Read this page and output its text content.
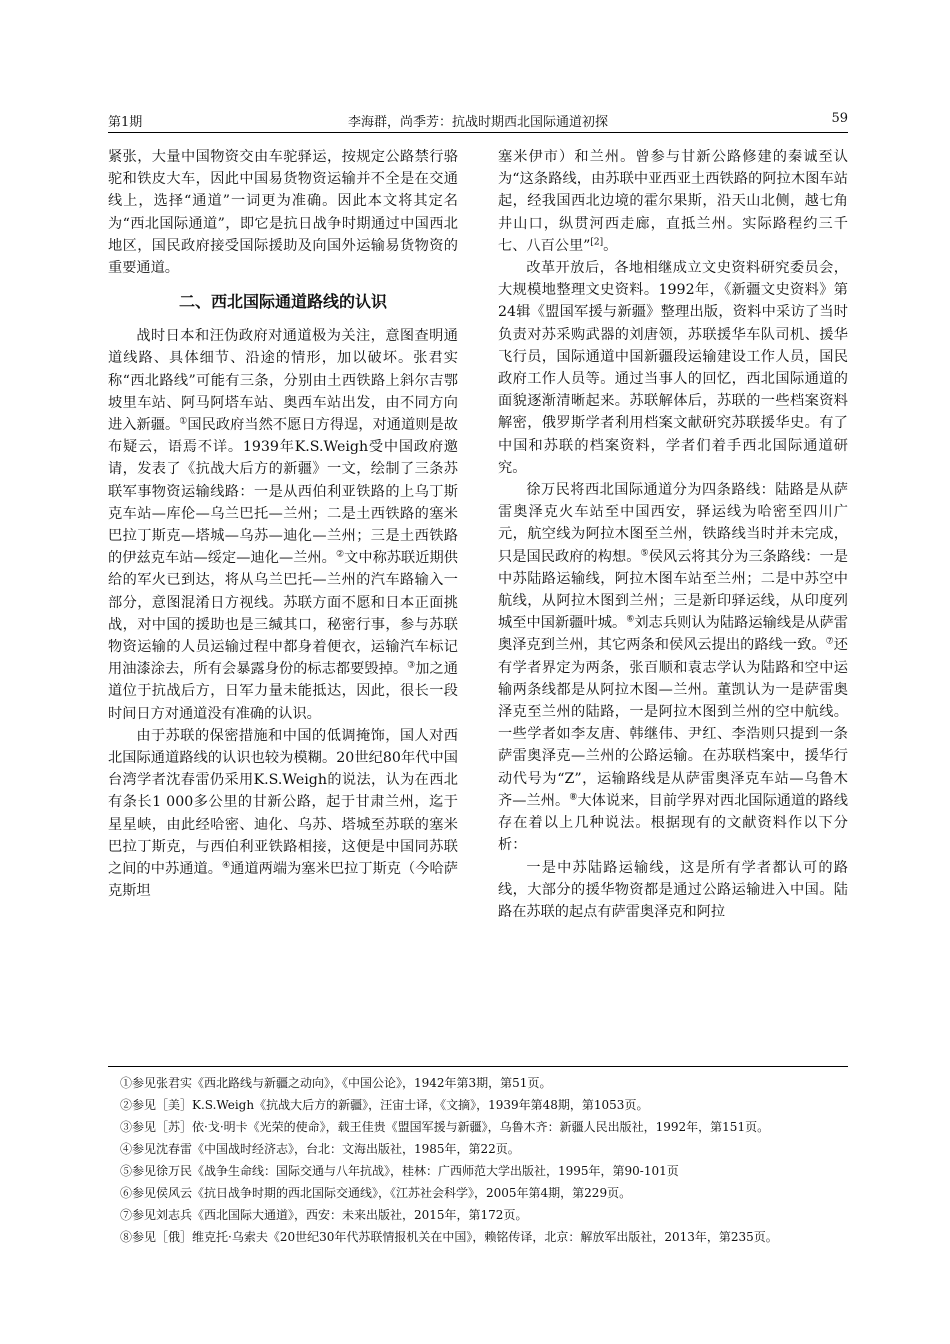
李海群，尚季芳：抗战时期西北国际通道初探
第1期	59

紧张，大量中国物资交由车驼驿运，按规定公路禁行骆驼和铁皮大车，因此中国易货物资运输并不全是在交通线上，选择“通道”一词更为准确。因此本文将其定名为“西北国际通道”，即它是抗日战争时期通过中国西北地区，国民政府接受国际援助及向国外运输易货物资的重要通道。

二、西北国际通道路线的认识

战时日本和汪伪政府对通道极为关注，意图查明通道线路、具体细节、沿途的情形，加以破坏。张君实称“西北路线”可能有三条，分别由土西铁路上斜尔吉鄂坡里车站、阿马阿塔车站、奥西车站出发，由不同方向进入新疆。①国民政府当然不愿日方得逞，对通道则是故布疑云，语焉不详。1939年K.S.Weigh受中国政府邀请，发表了《抗战大后方的新疆》一文，绘制了三条苏联军事物资运输线路：一是从西伯利亚铁路的上乌丁斯克车站—库伦—乌兰巴托—兰州；二是土西铁路的塞米巴拉丁斯克—塔城—乌苏—迪化—兰州；三是土西铁路的伊兹克车站—绥定—迪化—兰州。②文中称苏联近期供给的军火已到达，将从乌兰巴托—兰州的汽车路输入一部分，意图混淆日方视线。苏联方面不愿和日本正面挑战，对中国的援助也是三缄其口，秘密行事，参与苏联物资运输的人员运输过程中都身着便衣，运输汽车标记用油漆涂去，所有会暴露身份的标志都要毁掉。③加之通道位于抗战后方，日军力量未能抵达，因此，很长一段时间日方对通道没有准确的认识。

由于苏联的保密措施和中国的低调掩饰，国人对西北国际通道路线的认识也较为模糊。20世纪80年代中国台湾学者沈春雷仍采用K.S.Weigh的说法，认为在西北有条长1 000多公里的甘新公路，起于甘肃兰州，迄于星星峡，由此经哈密、迪化、乌苏、塔城至苏联的塞米巴拉丁斯克，与西伯利亚铁路相接，这便是中国同苏联之间的中苏通道。④通道两端为塞米巴拉丁斯克（今哈萨克斯坦

塞米伊市）和兰州。曾参与甘新公路修建的秦诚至认为“这条路线，由苏联中亚西亚土西铁路的阿拉木图车站起，经我国西北边境的霍尔果斯，沿天山北侧，越七角井山口，纵贯河西走廊，直抵兰州。实际路程约三千七、八百公里”[2]。

改革开放后，各地相继成立文史资料研究委员会，大规模地整理文史资料。1992年，《新疆文史资料》第24辑《盟国军援与新疆》整理出版，资料中采访了当时负责对苏采购武器的刘唐领，苏联援华车队司机、援华飞行员，国际通道中国新疆段运输建设工作人员，国民政府工作人员等。通过当事人的回忆，西北国际通道的面貌逐渐清晰起来。苏联解体后，苏联的一些档案资料解密，俄罗斯学者利用档案文献研究苏联援华史。有了中国和苏联的档案资料，学者们着手西北国际通道研究。

徐万民将西北国际通道分为四条路线：陆路是从萨雷奥泽克火车站至中国西安，驿运线为哈密至四川广元，航空线为阿拉木图至兰州，铁路线当时并未完成，只是国民政府的构想。⑤侯风云将其分为三条路线：一是中苏陆路运输线，阿拉木图车站至兰州；二是中苏空中航线，从阿拉木图到兰州；三是新印驿运线，从印度列城至中国新疆叶城。⑥刘志兵则认为陆路运输线是从萨雷奥泽克到兰州，其它两条和侯风云提出的路线一致。⑦还有学者界定为两条，张百顺和袁志学认为陆路和空中运输两条线都是从阿拉木图—兰州。董凯认为一是萨雷奥泽克至兰州的陆路，一是阿拉木图到兰州的空中航线。一些学者如李友唐、韩继伟、尹红、李浩则只提到一条萨雷奥泽克—兰州的公路运输。在苏联档案中，援华行动代号为“Z”，运输路线是从萨雷奥泽克车站—乌鲁木齐—兰州。⑧大体说来，目前学界对西北国际通道的路线存在着以上几种说法。根据现有的文献资料作以下分析：

一是中苏陆路运输线，这是所有学者都认可的路线，大部分的援华物资都是通过公路运输进入中国。陆路在苏联的起点有萨雷奥泽克和阿拉

①参见张君实《西北路线与新疆之动向》，《中国公论》，1942年第3期，第51页。
②参见［美］K.S.Weigh《抗战大后方的新疆》，汪宙士译，《文摘》，1939年第48期，第1053页。
③参见［苏］依·戈·明卡《光荣的使命》，载王佳贵《盟国军援与新疆》，乌鲁木齐：新疆人民出版社，1992年，第151页。
④参见沈春雷《中国战时经济志》，台北：文海出版社，1985年，第22页。
⑤参见徐万民《战争生命线：国际交通与八年抗战》，桂林：广西师范大学出版社，1995年，第90-101页
⑥参见侯风云《抗日战争时期的西北国际交通线》，《江苏社会科学》，2005年第4期，第229页。
⑦参见刘志兵《西北国际大通道》，西安：未来出版社，2015年，第172页。
⑧参见［俄］维克托·乌索夫《20世纪30年代苏联情报机关在中国》，赖铭传译，北京：解放军出版社，2013年，第235页。
